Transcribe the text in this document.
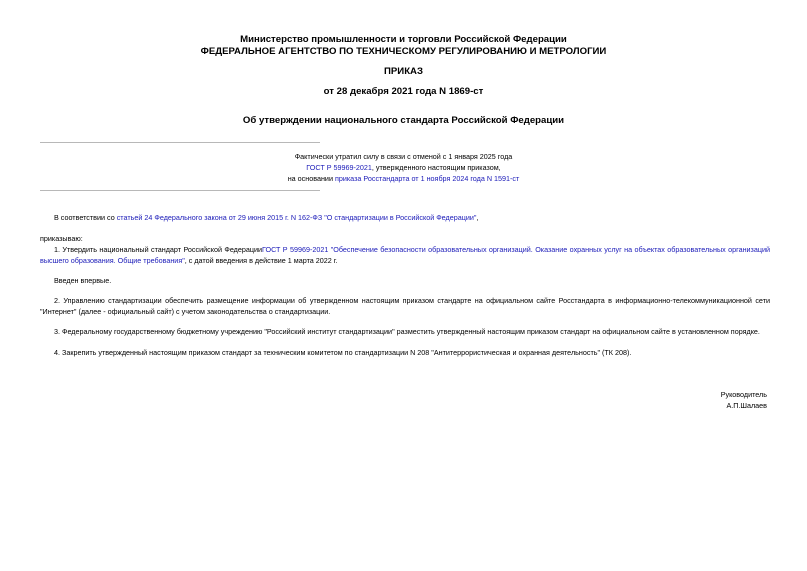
Министерство промышленности и торговли Российской Федерации
ФЕДЕРАЛЬНОЕ АГЕНТСТВО ПО ТЕХНИЧЕСКОМУ РЕГУЛИРОВАНИЮ И МЕТРОЛОГИИ
ПРИКАЗ
от 28 декабря 2021 года N 1869-ст
Об утверждении национального стандарта Российской Федерации
Фактически утратил силу в связи с отменой с 1 января 2025 года
ГОСТ Р 59969-2021, утвержденного настоящим приказом,
на основании приказа Росстандарта от 1 ноября 2024 года N 1591-ст
В соответствии со статьей 24 Федерального закона от 29 июня 2015 г. N 162-ФЗ "О стандартизации в Российской Федерации",
приказываю:
1. Утвердить национальный стандарт Российской ФедерацииГОСТ Р 59969-2021 "Обеспечение безопасности образовательных организаций. Оказание охранных услуг на объектах образовательных организаций высшего образования. Общие требования", с датой введения в действие 1 марта 2022 г.
Введен впервые.
2. Управлению стандартизации обеспечить размещение информации об утвержденном настоящим приказом стандарте на официальном сайте Росстандарта в информационно-телекоммуникационной сети "Интернет" (далее - официальный сайт) с учетом законодательства о стандартизации.
3. Федеральному государственному бюджетному учреждению "Российский институт стандартизации" разместить утвержденный настоящим приказом стандарт на официальном сайте в установленном порядке.
4. Закрепить утвержденный настоящим приказом стандарт за техническим комитетом по стандартизации N 208 "Антитеррористическая и охранная деятельность" (ТК 208).
Руководитель
А.П.Шалаев
